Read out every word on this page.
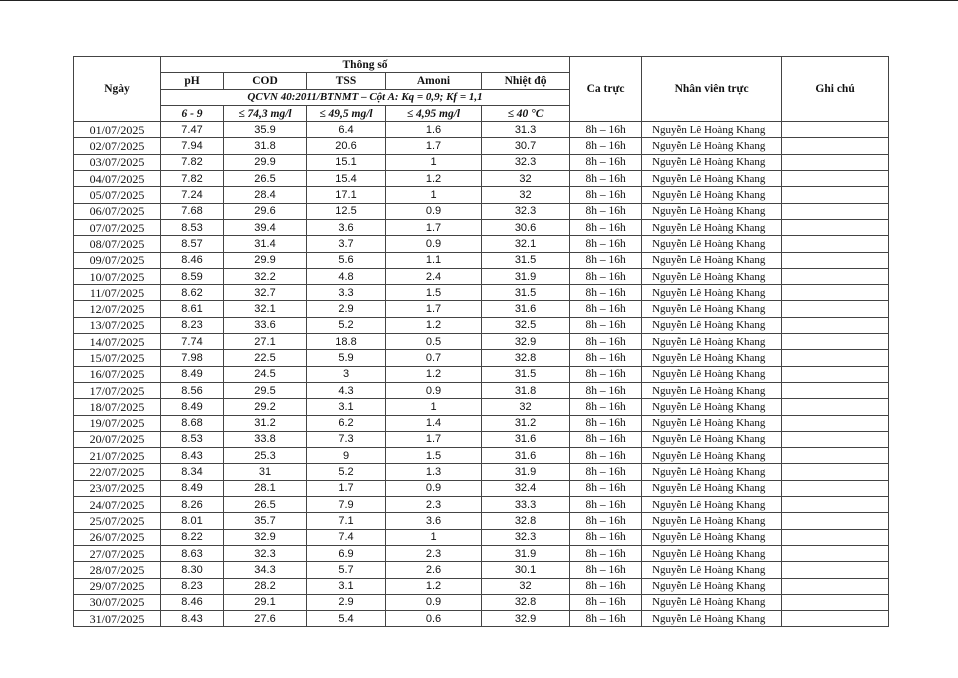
Ngày	Thông số					Ca trực	Nhân viên trực	Ghi chú
	pH	COD	TSS	Amoni	Nhiệt độ			
	QCVN 40:2011/BTNMT – Cột A: Kq = 0,9; Kf = 1,1							
	6 - 9	≤ 74,3 mg/l	≤ 49,5 mg/l	≤ 4,95 mg/l	≤ 40 °C			
01/07/2025	7.47	35.9	6.4	1.6	31.3	8h – 16h	Nguyễn Lê Hoàng Khang	
02/07/2025	7.94	31.8	20.6	1.7	30.7	8h – 16h	Nguyễn Lê Hoàng Khang	
03/07/2025	7.82	29.9	15.1	1	32.3	8h – 16h	Nguyễn Lê Hoàng Khang	
04/07/2025	7.82	26.5	15.4	1.2	32	8h – 16h	Nguyễn Lê Hoàng Khang	
05/07/2025	7.24	28.4	17.1	1	32	8h – 16h	Nguyễn Lê Hoàng Khang	
06/07/2025	7.68	29.6	12.5	0.9	32.3	8h – 16h	Nguyễn Lê Hoàng Khang	
07/07/2025	8.53	39.4	3.6	1.7	30.6	8h – 16h	Nguyễn Lê Hoàng Khang	
08/07/2025	8.57	31.4	3.7	0.9	32.1	8h – 16h	Nguyễn Lê Hoàng Khang	
09/07/2025	8.46	29.9	5.6	1.1	31.5	8h – 16h	Nguyễn Lê Hoàng Khang	
10/07/2025	8.59	32.2	4.8	2.4	31.9	8h – 16h	Nguyễn Lê Hoàng Khang	
11/07/2025	8.62	32.7	3.3	1.5	31.5	8h – 16h	Nguyễn Lê Hoàng Khang	
12/07/2025	8.61	32.1	2.9	1.7	31.6	8h – 16h	Nguyễn Lê Hoàng Khang	
13/07/2025	8.23	33.6	5.2	1.2	32.5	8h – 16h	Nguyễn Lê Hoàng Khang	
14/07/2025	7.74	27.1	18.8	0.5	32.9	8h – 16h	Nguyễn Lê Hoàng Khang	
15/07/2025	7.98	22.5	5.9	0.7	32.8	8h – 16h	Nguyễn Lê Hoàng Khang	
16/07/2025	8.49	24.5	3	1.2	31.5	8h – 16h	Nguyễn Lê Hoàng Khang	
17/07/2025	8.56	29.5	4.3	0.9	31.8	8h – 16h	Nguyễn Lê Hoàng Khang	
18/07/2025	8.49	29.2	3.1	1	32	8h – 16h	Nguyễn Lê Hoàng Khang	
19/07/2025	8.68	31.2	6.2	1.4	31.2	8h – 16h	Nguyễn Lê Hoàng Khang	
20/07/2025	8.53	33.8	7.3	1.7	31.6	8h – 16h	Nguyễn Lê Hoàng Khang	
21/07/2025	8.43	25.3	9	1.5	31.6	8h – 16h	Nguyễn Lê Hoàng Khang	
22/07/2025	8.34	31	5.2	1.3	31.9	8h – 16h	Nguyễn Lê Hoàng Khang	
23/07/2025	8.49	28.1	1.7	0.9	32.4	8h – 16h	Nguyễn Lê Hoàng Khang	
24/07/2025	8.26	26.5	7.9	2.3	33.3	8h – 16h	Nguyễn Lê Hoàng Khang	
25/07/2025	8.01	35.7	7.1	3.6	32.8	8h – 16h	Nguyễn Lê Hoàng Khang	
26/07/2025	8.22	32.9	7.4	1	32.3	8h – 16h	Nguyễn Lê Hoàng Khang	
27/07/2025	8.63	32.3	6.9	2.3	31.9	8h – 16h	Nguyễn Lê Hoàng Khang	
28/07/2025	8.30	34.3	5.7	2.6	30.1	8h – 16h	Nguyễn Lê Hoàng Khang	
29/07/2025	8.23	28.2	3.1	1.2	32	8h – 16h	Nguyễn Lê Hoàng Khang	
30/07/2025	8.46	29.1	2.9	0.9	32.8	8h – 16h	Nguyễn Lê Hoàng Khang	
31/07/2025	8.43	27.6	5.4	0.6	32.9	8h – 16h	Nguyễn Lê Hoàng Khang	
